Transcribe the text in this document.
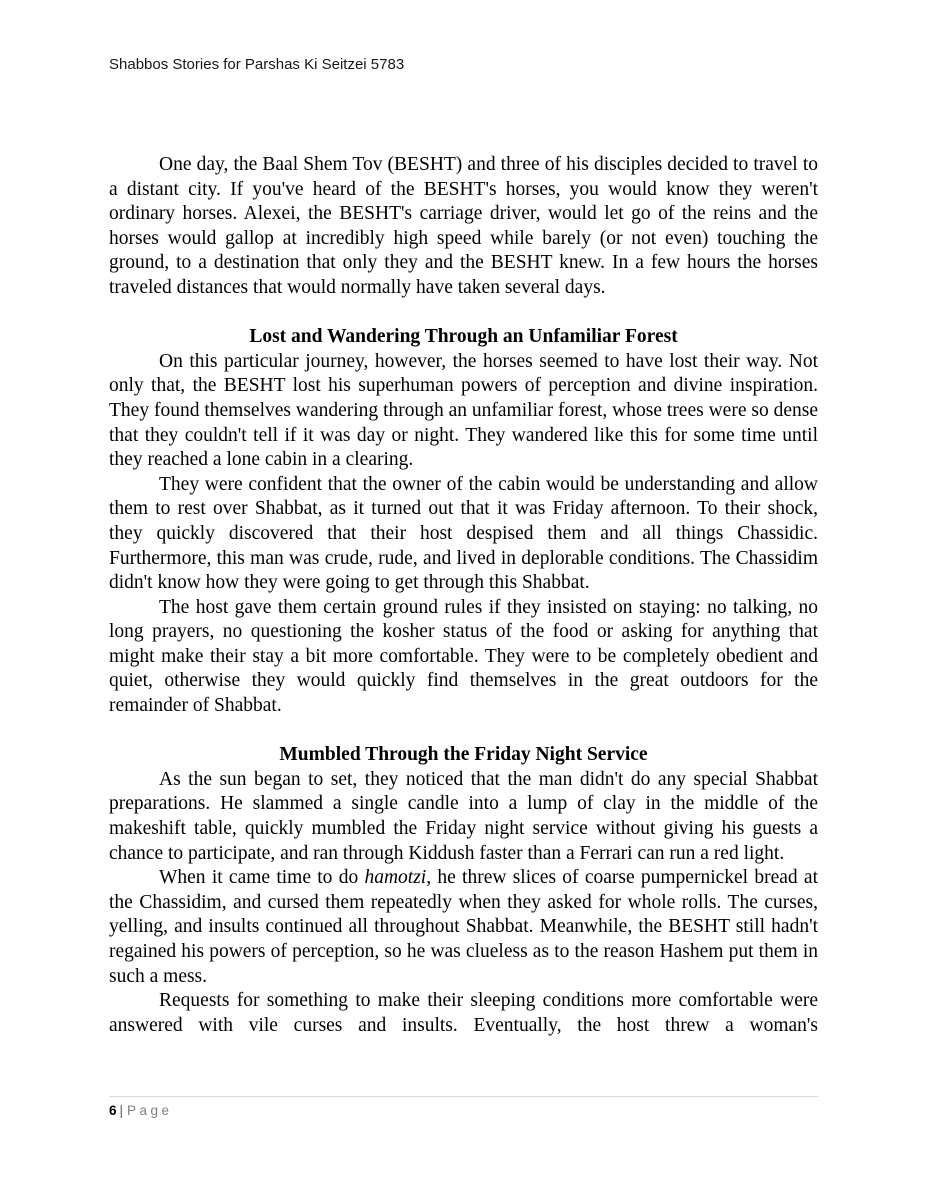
Shabbos Stories for Parshas Ki Seitzei 5783

One day, the Baal Shem Tov (BESHT) and three of his disciples decided to travel to a distant city. If you've heard of the BESHT's horses, you would know they weren't ordinary horses. Alexei, the BESHT's carriage driver, would let go of the reins and the horses would gallop at incredibly high speed while barely (or not even) touching the ground, to a destination that only they and the BESHT knew. In a few hours the horses traveled distances that would normally have taken several days.

Lost and Wandering Through an Unfamiliar Forest

On this particular journey, however, the horses seemed to have lost their way. Not only that, the BESHT lost his superhuman powers of perception and divine inspiration. They found themselves wandering through an unfamiliar forest, whose trees were so dense that they couldn't tell if it was day or night. They wandered like this for some time until they reached a lone cabin in a clearing.

They were confident that the owner of the cabin would be understanding and allow them to rest over Shabbat, as it turned out that it was Friday afternoon. To their shock, they quickly discovered that their host despised them and all things Chassidic. Furthermore, this man was crude, rude, and lived in deplorable conditions. The Chassidim didn't know how they were going to get through this Shabbat.

The host gave them certain ground rules if they insisted on staying: no talking, no long prayers, no questioning the kosher status of the food or asking for anything that might make their stay a bit more comfortable. They were to be completely obedient and quiet, otherwise they would quickly find themselves in the great outdoors for the remainder of Shabbat.

Mumbled Through the Friday Night Service

As the sun began to set, they noticed that the man didn't do any special Shabbat preparations. He slammed a single candle into a lump of clay in the middle of the makeshift table, quickly mumbled the Friday night service without giving his guests a chance to participate, and ran through Kiddush faster than a Ferrari can run a red light.

When it came time to do hamotzi, he threw slices of coarse pumpernickel bread at the Chassidim, and cursed them repeatedly when they asked for whole rolls. The curses, yelling, and insults continued all throughout Shabbat. Meanwhile, the BESHT still hadn't regained his powers of perception, so he was clueless as to the reason Hashem put them in such a mess.

Requests for something to make their sleeping conditions more comfortable were answered with vile curses and insults. Eventually, the host threw a woman's

6 | Page
